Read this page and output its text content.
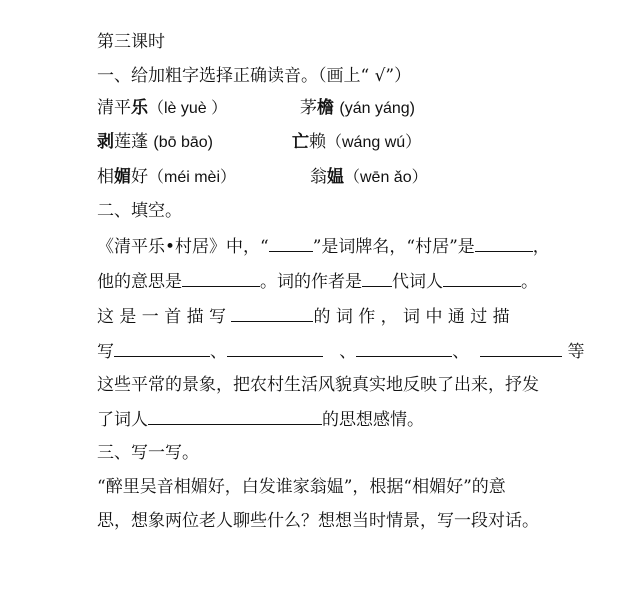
第三课时
一、给加粗字选择正确读音。（画上“ √”）
清平乐（lè yuè ）	茅檐 (yán yáng)
剥莲蓬 (bō bāo)	亡赖（wáng wú）
相媚好（méi mèi）	翁媪（wēn ǎo）
二、填空。
《清平乐•村居》中，“	”是词牌名，“村居”是	，
他的意思是	。词的作者是 代词人	。
这 是 一 首 描 写	的 词 作 ， 词 中 通 过 描
写	、	、	、	等
这些平常的景象，把农村生活风貌真实地反映了出来，抒发
了词人	的思想感情。
三、写一写。
“醉里吴音相媚好，白发谁家翁媪”，根据“相媚好”的意
思，想象两位老人聊些什么？想想当时情景，写一段对话。
